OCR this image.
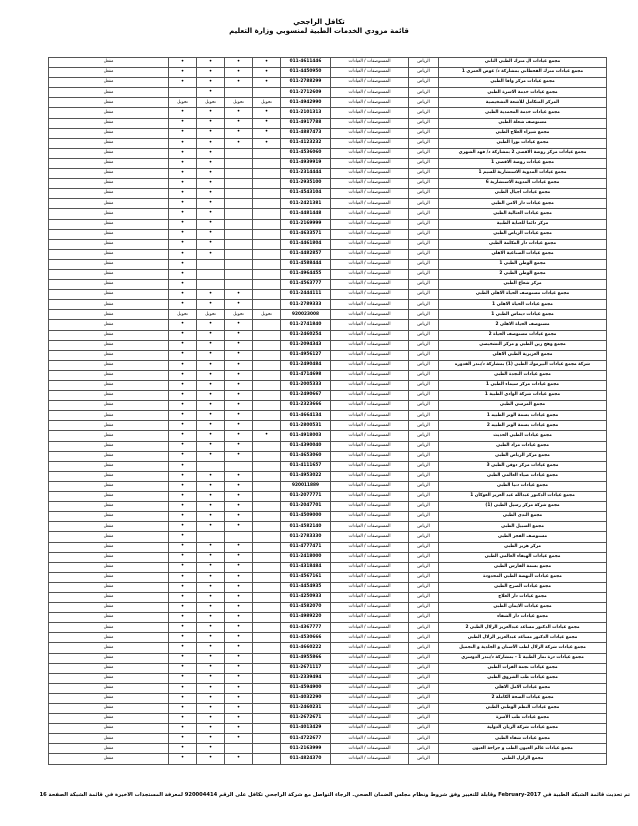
تكافل الراجحي
قائمة مزودي الخدمات الطبية لمنسوبي وزارة التعليم
مجمع عيادات ال مترك الطبي الثاني	الرياض	المستوصفات / العيادات	011-4611446	•	•	•	•	مفعل
مجمع عيادات مترك القحطاني بمشاركة د/ عوض العمري 1	الرياض	المستوصفات / العيادات	011-4450950	•	•	•	•	مفعل
مجمع عيادات مركز وافا الطبي	الرياض	المستوصفات / العيادات	011-2788299	•	•	•	•	مفعل
مجمع عيادات خدمة الاسرة الطبي	الرياض	المستوصفات / العيادات	011-2712609			•		مفعل
المركز المتكامل للأشعة التشخيصية	الرياض	المستوصفات / العيادات	011-4942990	تحويل	تحويل	تحويل	تحويل	مفعل
مجمع عيادات خدمة المحمدية الطبي	الرياض	المستوصفات / العيادات	011-2101313	•	•	•	•	مفعل
مستوصف شعلة الطبي	الرياض	المستوصفات / العيادات	011-4917788	•	•	•	•	مفعل
مجمع شيراء العلاج الطبي	الرياض	المستوصفات / العيادات	011-4887473	•	•	•	•	مفعل
مجمع عيادات نورا الطبي	الرياض	المستوصفات / العيادات	011-4123232	•	•	•	•	مفعل
مجمع عيادات مركز روضة الاقصى 2 بمشاركة د/ فهد الشهري	الرياض	المستوصفات / العيادات	011-4536060			•	•	مفعل
مجمع عيادات روضة الاقصى 1	الرياض	المستوصفات / العيادات	011-4939919			•	•	مفعل
مجمع عيادات المدوية الاستشارية للسيم 1	الرياض	المستوصفات / العيادات	011-2314444			•	•	مفعل
مجمع عيادات المدوية الاستشارية 6	الرياض	المستوصفات / العيادات	011-2935100			•	•	مفعل
مجمع عيادات اجيال الطبي	الرياض	المستوصفات / العيادات	011-4543104			•	•	مفعل
مجمع عيادات دار الامن الطبي	الرياض	المستوصفات / العيادات	011-2421381			•	•	مفعل
مجمع عيادات العثالية الطبي	الرياض	المستوصفات / العيادات	011-4481448			•	•	مفعل
مركز دائما للعناية الطبية	الرياض	المستوصفات / العيادات	011-2169999			•	•	مفعل
مجمع عيادات الرياض الطبي	الرياض	المستوصفات / العيادات	011-4633571			•	•	مفعل
مجمع عيادات دار المكلمة الطبي	الرياض	المستوصفات / العيادات	011-4461804			•	•	مفعل
مجمع عيادات الصناعية الاهلي	الرياض	المستوصفات / العيادات	011-4482857			•	•	مفعل
مجمع الوطن الطبي 1	الرياض	المستوصفات / العيادات	011-4588444				•	مفعل
مجمع الوطن الطبي 2	الرياض	المستوصفات / العيادات	011-4964455				•	مفعل
مركز شعاع الطبي	الرياض	المستوصفات / العيادات	011-4563777				•	مفعل
مجمع عيادات مستوصف الحياة الاهلي الطبي	الرياض	المستوصفات / العيادات	011-2444111		•	•	•	مفعل
مجمع عيادات الحياة الاهلي 1	الرياض	المستوصفات / العيادات	011-2789333		•	•	•	مفعل
مجمع عيادات ديماس الطبي 1	الرياض	المستوصفات / العيادات	920023008	تحويل	تحويل	تحويل	تحويل	مفعل
مستوصف الحياة الاهلي 2	الرياض	المستوصفات / العيادات	011-2741840		•	•	•	مفعل
مجمع عيادات مستوصف الحياة 2	الرياض	المستوصفات / العيادات	011-2460254		•	•	•	مفعل
مجمع وهج زين الطبي و مركز التشخيصي	الرياض	المستوصفات / العيادات	011-2094343		•	•	•	مفعل
مجمع العزيزية الطبي الاهلي	الرياض	المستوصفات / العيادات	011-4956127		•	•	•	مفعل
شركة مجمع عيادات البيرموك الطبي (1) بمشاركة د/بندر القدوره	الرياض	المستوصفات / العيادات	011-2490484		•	•	•	مفعل
مجمع عيادات النجدة الطبي	الرياض	المستوصفات / العيادات	011-4714698		•	•	•	مفعل
مجمع عيادات مركز سيماء الطبي 1	الرياض	المستوصفات / العيادات	011-2005333		•	•	•	مفعل
مجمع عيادات شركة الوادي الطبية 1	الرياض	المستوصفات / العيادات	011-2490667		•	•	•	مفعل
مجمع المرسي الطبي	الرياض	المستوصفات / العيادات	011-2323666		•	•	•	مفعل
مجمع عيادات بسمة الوتر الطبيه 1	الرياض	المستوصفات / العيادات	011-4664134		•	•	•	مفعل
مجمع عيادات بسمة الوتر الطبيه 2	الرياض	المستوصفات / العيادات	011-2800531		•	•	•	مفعل
مجمع عيادات الطبي الحديث	الرياض	المستوصفات / العيادات	011-4918003	•	•	•	•	مفعل
مجمع عيادات مراد الطبي	الرياض	المستوصفات / العيادات	011-4390040		•	•	•	مفعل
مجمع مركز الرياض الطبي	الرياض	المستوصفات / العيادات	011-4653060		•	•	•	مفعل
مجمع عيادات مركز دوقن الطبي 3	الرياض	المستوصفات / العيادات	011-4111657				•	مفعل
مجمع عيادات ضياء العالمي الطبي	الرياض	المستوصفات / العيادات	011-4953022		•	•	•	مفعل
مجمع عيادات دنيا الطبي	الرياض	المستوصفات / العيادات	920011889		•	•	•	مفعل
مجمع عيادات الدكتور عبدالله عبد العزيز العوكان 1	الرياض	المستوصفات / العيادات	011-2077771		•	•	•	مفعل
مجمع شركة مركز رسيل الطبي (1)	الرياض	المستوصفات / العيادات	011-2047701		•	•	•	مفعل
مجمع الندى الطبي	الرياض	المستوصفات / العيادات	011-4509000		•	•	•	مفعل
مجمع السبيل الطبي	الرياض	المستوصفات / العيادات	011-4582140		•	•	•	مفعل
مستوصف الفجر الطبي	الرياض	المستوصفات / العيادات	011-2783330				•	مفعل
مركز هزيز الطبي	الرياض	المستوصفات / العيادات	011-4777471		•	•	•	مفعل
مجمع عيادات الهيفاء العالمي الطبي	الرياض	المستوصفات / العيادات	011-2418000		•	•	•	مفعل
مجمع بسمة الفارس الطبي	الرياض	المستوصفات / العيادات	011-4318484		•	•	•	مفعل
مجمع عيادات النهضة الطبي المحدودة	الرياض	المستوصفات / العيادات	011-4567161		•	•	•	مفعل
مجمع عيادات الصرح الطبي	الرياض	المستوصفات / العيادات	011-4454935		•	•	•	مفعل
مجمع عيادات دار العلاج	الرياض	المستوصفات / العيادات	011-4250933		•	•	•	مفعل
مجمع عيادات الايمان الطبي	الرياض	المستوصفات / العيادات	011-4582070		•	•	•	مفعل
مجمع عيادات دار الشفاء	الرياض	المستوصفات / العيادات	011-4989220		•	•	•	مفعل
مجمع عيادات الدكتور مساعد عبدالعزيز الزلال الطبي 2	الرياض	المستوصفات / العيادات	011-4367777		•	•	•	مفعل
مجمع عيادات الدكتور مساعد عبدالعزيز الزلال الطبي	الرياض	المستوصفات / العيادات	011-4530666		•	•	•	مفعل
مجمع عيادات شركة الزلال لطب الأسنان و الجلدية و التجميل	الرياض	المستوصفات / العيادات	011-4660222		•	•	•	مفعل
مجمع عيادات درة نمار الطبية 1 - بمشاركة د/بندر الدوسري	الرياض	المستوصفات / العيادات	011-4955866		•	•	•	مفعل
مجمع عيادات نجمة الفرات الطبي	الرياض	المستوصفات / العيادات	011-2671117		•	•	•	مفعل
مجمع عيادات طب الشروق الطبي	الرياض	المستوصفات / العيادات	011-2339494		•	•	•	مفعل
مجمع عيادات الامل الاهلي	الرياض	المستوصفات / العيادات	011-4594900		•	•	•	مفعل
مجمع عيادات الصحة الكاملة 2	الرياض	المستوصفات / العيادات	011-4032290		•	•	•	مفعل
مجمع عيادات النظم الوطني الطبي	الرياض	المستوصفات / العيادات	011-2460231		•	•	•	مفعل
مجمع عيادات طب الأسرة	الرياض	المستوصفات / العيادات	011-2672671		•	•	•	مفعل
مجمع عيادات شركة الريان الدولية	الرياض	المستوصفات / العيادات	011-4013429		•	•	•	مفعل
مجمع عيادات شفاء الطبي	الرياض	المستوصفات / العيادات	011-4722677		•	•	•	مفعل
مجمع عيادات عالم العيون الطب و جراحة العيون	الرياض	المستوصفات / العيادات	011-2163999			•	•	مفعل
مجمع الزلزل الطبي	الرياض	المستوصفات / العيادات	011-4824370		•	•	•	مفعل
تم تحديث قائمة الشبكة الطبية في February-2017 وقابلة للتغيير وفق شروط ونظام مجلس الضمان الصحي. الرجاء التواصل مع شركة الراجحي تكافل على الرقم 920004414 لمعرفة المستجدات الاخيرة في قائمة الشبكة الصفحة 16
